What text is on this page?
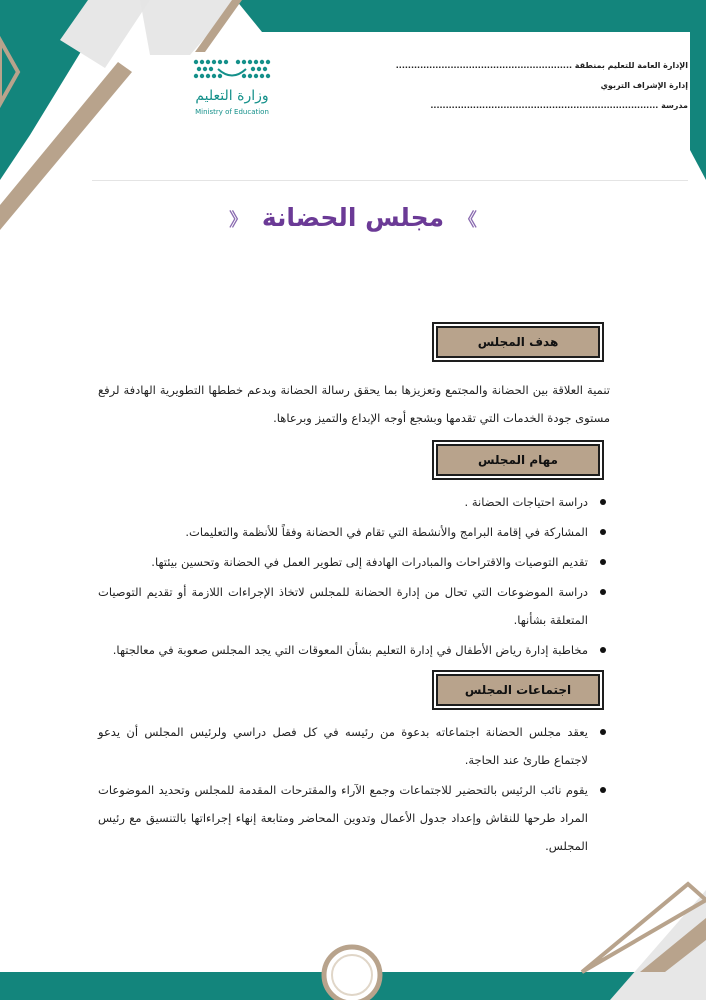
وزارة التعليم
Ministry of Education
الإدارة العامة للتعليم بمنطقة ..........................................................
إدارة الإشراف التربوي
مدرسة ...........................................................................
》 مجلس الحضانة 《
هدف المجلس
تنمية العلاقة بين الحضانة والمجتمع وتعزيزها بما يحقق رسالة الحضانة وبدعم خططها التطويرية الهادفة لرفع مستوى جودة الخدمات التي تقدمها وبشجع أوجه الإبداع والتميز وبرعاها.
مهام المجلس
دراسة احتياجات الحضانة .
المشاركة في إقامة البرامج والأنشطة التي تقام في الحضانة وفقاً للأنظمة والتعليمات.
تقديم التوصيات والاقتراحات والمبادرات الهادفة إلى تطوير العمل في الحضانة وتحسين بيئتها.
دراسة الموضوعات التي تحال من إدارة الحضانة للمجلس لاتخاذ الإجراءات اللازمة أو تقديم التوصيات المتعلقة بشأنها.
مخاطبة إدارة رياض الأطفال في إدارة التعليم بشأن المعوقات التي يجد المجلس صعوبة في معالجتها.
اجتماعات المجلس
يعقد مجلس الحضانة اجتماعاته بدعوة من رئيسه في كل فصل دراسي ولرئيس المجلس أن يدعو لاجتماع طارئ عند الحاجة.
يقوم نائب الرئيس بالتحضير للاجتماعات وجمع الآراء والمقترحات المقدمة للمجلس وتحديد الموضوعات المراد طرحها للنقاش وإعداد جدول الأعمال وتدوين المحاضر ومتابعة إنهاء إجراءاتها بالتنسيق مع رئيس المجلس.
